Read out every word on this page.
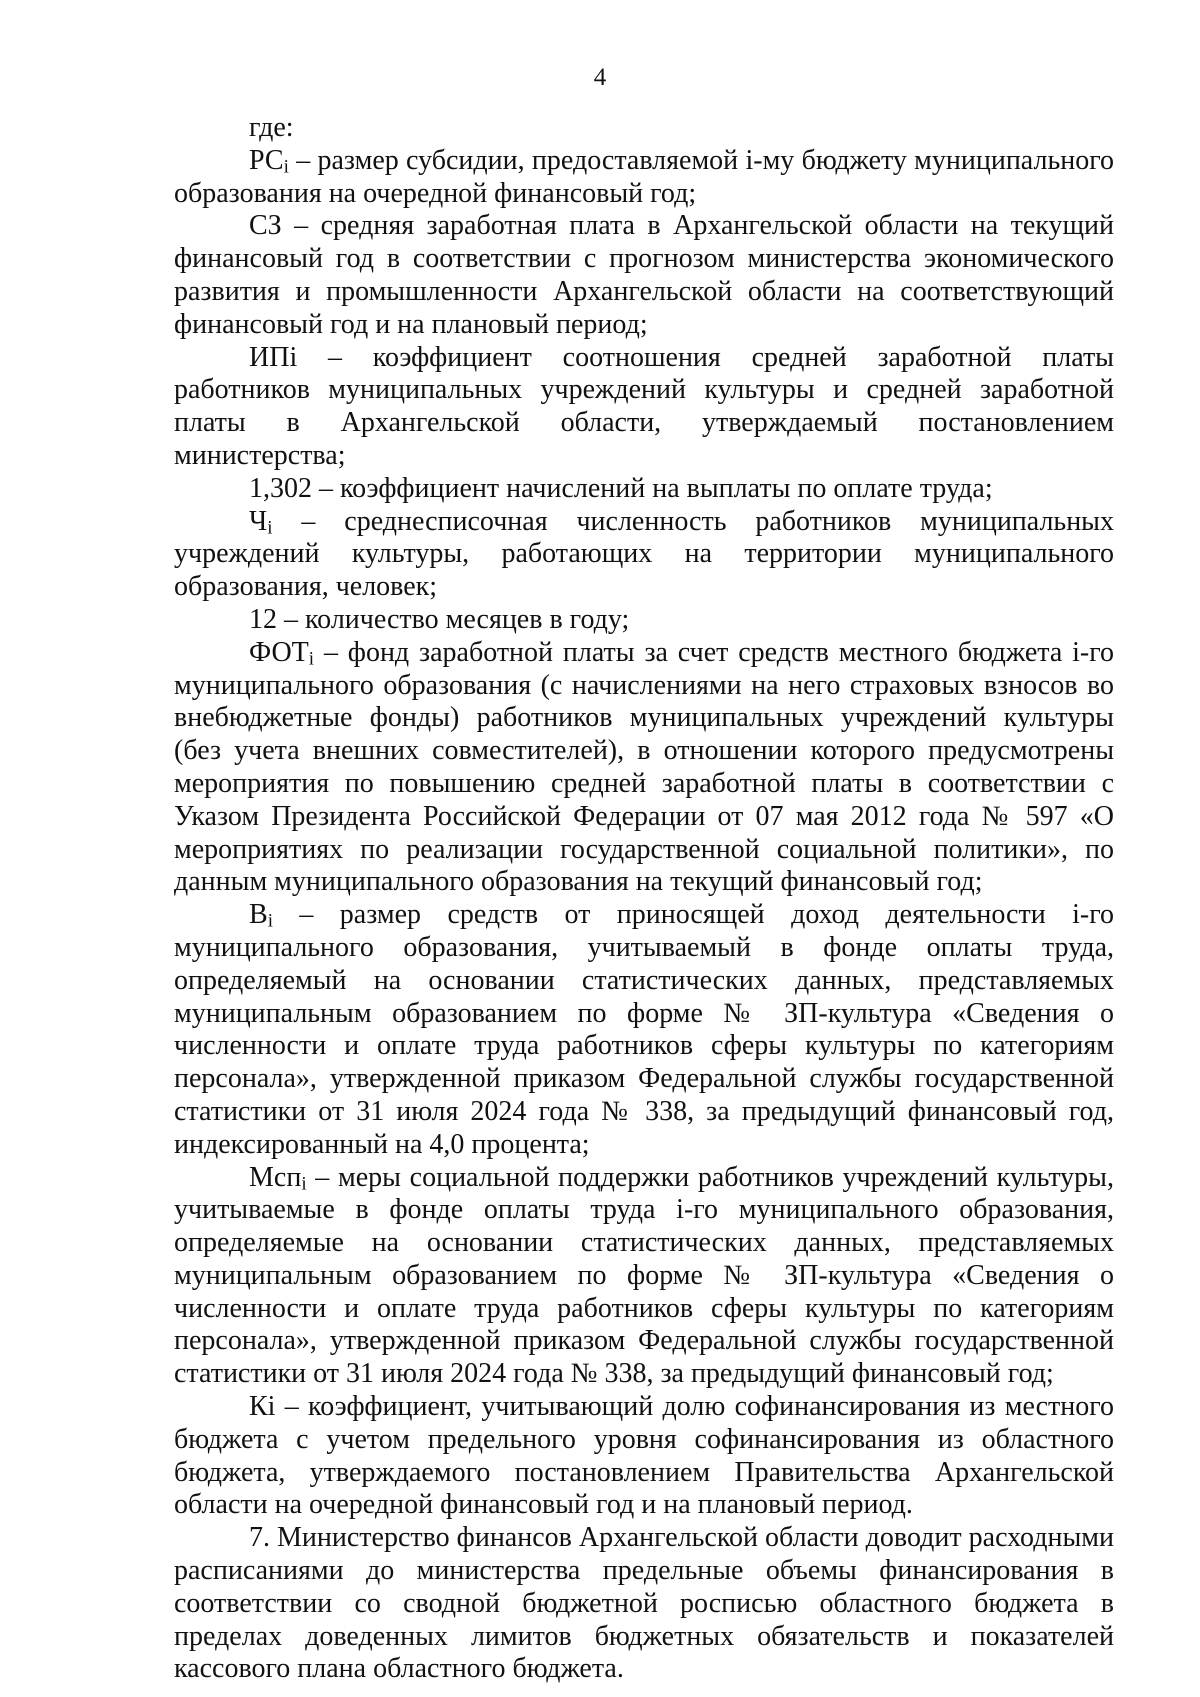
4

где:

$РС_i$ – размер субсидии, предоставляемой i-му бюджету муниципального образования на очередной финансовый год;

СЗ – средняя заработная плата в Архангельской области на текущий финансовый год в соответствии с прогнозом министерства экономического развития и промышленности Архангельской области на соответствующий финансовый год и на плановый период;

ИПi – коэффициент соотношения средней заработной платы работников муниципальных учреждений культуры и средней заработной платы в Архангельской области, утверждаемый постановлением министерства;

1,302 – коэффициент начислений на выплаты по оплате труда;

$Ч_i$ – среднесписочная численность работников муниципальных учреждений культуры, работающих на территории муниципального образования, человек;

12 – количество месяцев в году;

$ФОТ_i$ – фонд заработной платы за счет средств местного бюджета i-го муниципального образования (с начислениями на него страховых взносов во внебюджетные фонды) работников муниципальных учреждений культуры (без учета внешних совместителей), в отношении которого предусмотрены мероприятия по повышению средней заработной платы в соответствии с Указом Президента Российской Федерации от 07 мая 2012 года № 597 «О мероприятиях по реализации государственной социальной политики», по данным муниципального образования на текущий финансовый год;

$В_i$ – размер средств от приносящей доход деятельности i-го муниципального образования, учитываемый в фонде оплаты труда, определяемый на основании статистических данных, представляемых муниципальным образованием по форме № ЗП-культура «Сведения о численности и оплате труда работников сферы культуры по категориям персонала», утвержденной приказом Федеральной службы государственной статистики от 31 июля 2024 года № 338, за предыдущий финансовый год, индексированный на 4,0 процента;

Мсп$_i$ – меры социальной поддержки работников учреждений культуры, учитываемые в фонде оплаты труда i-го муниципального образования, определяемые на основании статистических данных, представляемых муниципальным образованием по форме № ЗП-культура «Сведения о численности и оплате труда работников сферы культуры по категориям персонала», утвержденной приказом Федеральной службы государственной статистики от 31 июля 2024 года № 338, за предыдущий финансовый год;

Кi – коэффициент, учитывающий долю софинансирования из местного бюджета с учетом предельного уровня софинансирования из областного бюджета, утверждаемого постановлением Правительства Архангельской области на очередной финансовый год и на плановый период.

7. Министерство финансов Архангельской области доводит расходными расписаниями до министерства предельные объемы финансирования в соответствии со сводной бюджетной росписью областного бюджета в пределах доведенных лимитов бюджетных обязательств и показателей кассового плана областного бюджета.
